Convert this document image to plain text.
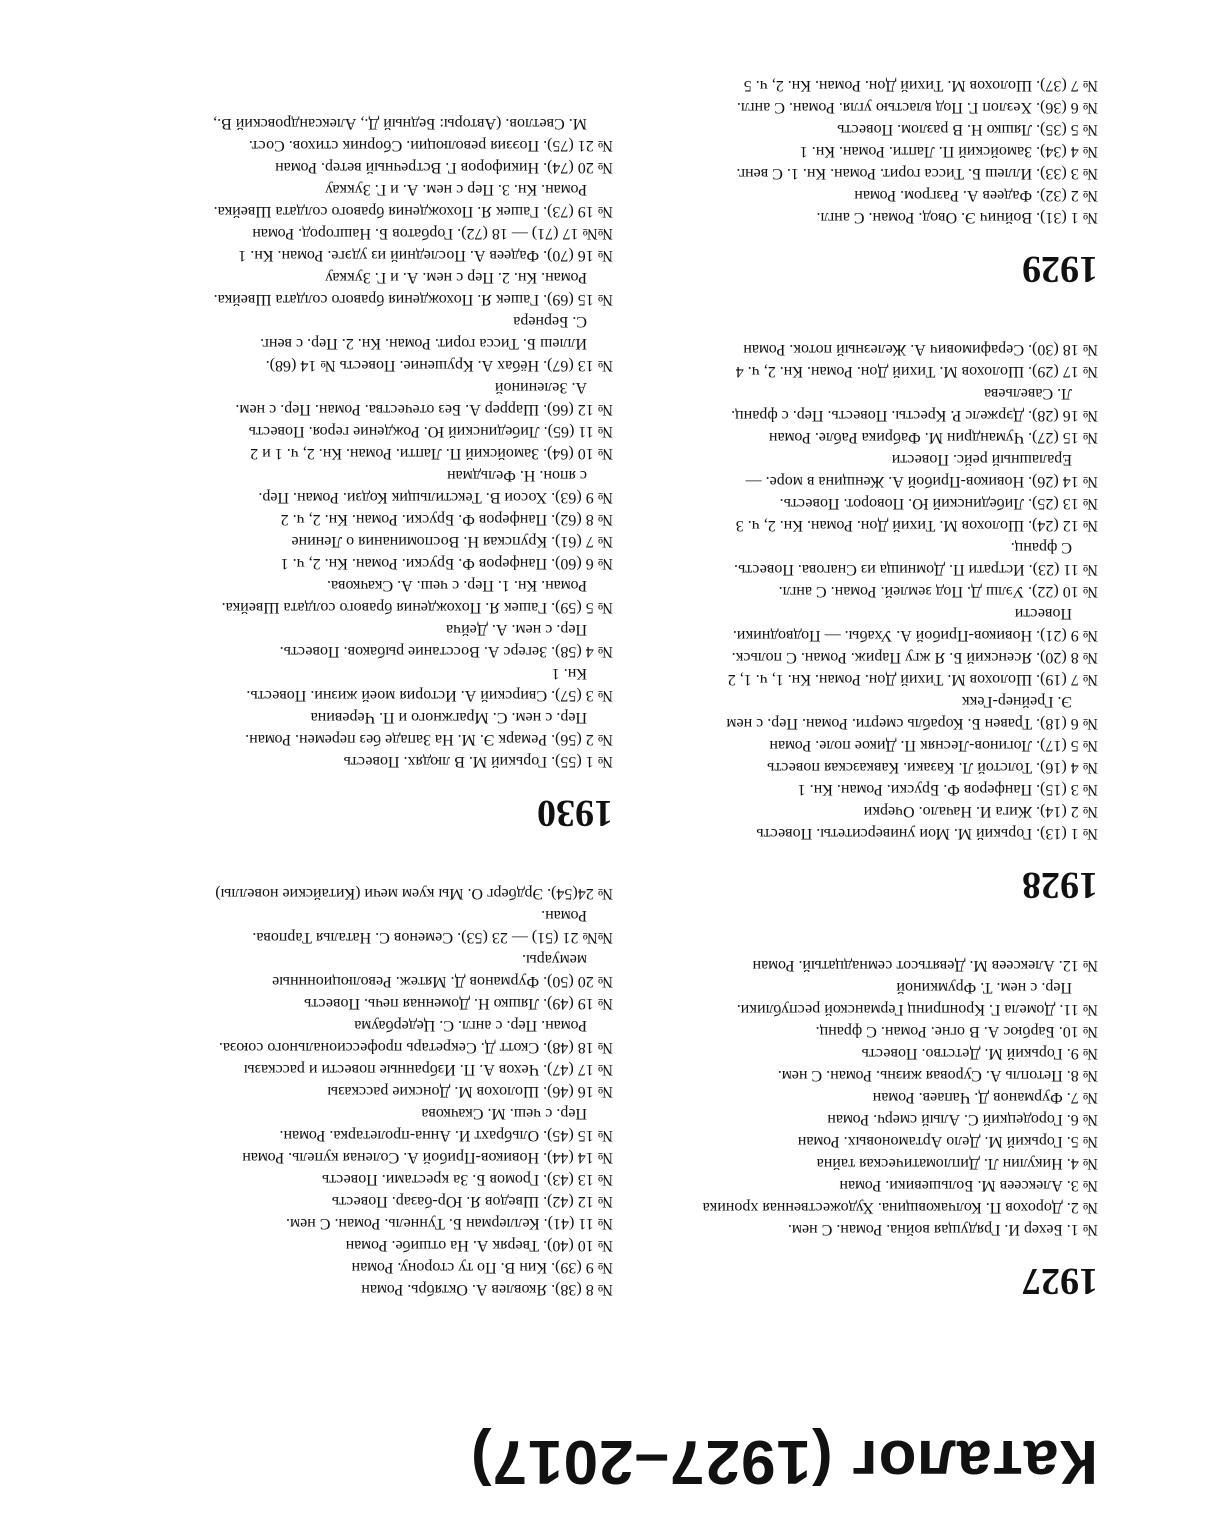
Каталог (1927–2017)
1927
№ 1. Бехер И. Грядущая война. Роман. С нем.
№ 2. Дорохов П. Колчаковщина. Художественная хроника
№ 3. Алексеев М. Большевики. Роман
№ 4. Никулин Л. Дипломатическая тайна
№ 5. Горький М. Дело Артамоновых. Роман
№ 6. Городецкий С. Алый смерч. Роман
№ 7. Фурманов Д. Чапаев. Роман
№ 8. Петопль А. Суровая жизнь. Роман. С нем.
№ 9. Горький М. Детство. Повесть
№ 10. Барбюс А. В огне. Роман. С франц.
№ 11. Домела Г. Кронпринц Германской республики.
Пер. с нем. Т. Фрумкиной
№ 12. Алексеев М. Девятьсот семнадцатый. Роман
1928
№ 1 (13). Горький М. Мои университеты. Повесть
№ 2 (14). Жига И. Начало. Очерки
№ 3 (15). Панферов Ф. Бруски. Роман. Кн. 1
№ 4 (16). Толстой Л. Казаки. Кавказская повесть
№ 5 (17). Логинов-Лесняк П. Дикое поле. Роман
№ 6 (18). Травен Б. Корабль смерти. Роман. Пер. с нем
Э. Грейнер-Гекк
№ 7 (19). Шолохов М. Тихий Дон. Роман. Кн. 1, ч. 1, 2
№ 8 (20). Ясенский Б. Я жгу Париж. Роман. С польск.
№ 9 (21). Новиков-Прибой А. Ухабы. — Подводники.
Повести
№ 10 (22). Уэлш Д. Под землей. Роман. С англ.
№ 11 (23). Истрати П. Домнища из Снагова. Повесть.
С франц.
№ 12 (24). Шолохов М. Тихий Дон. Роман. Кн. 2, ч. 3
№ 13 (25). Либединский Ю. Поворот. Повесть.
№ 14 (26). Новиков-Прибой А. Женщина в море. —
Ералашный рейс. Повести
№ 15 (27). Чумандрин М. Фабрика Рабле. Роман
№ 16 (28). Дэржелс Р. Кресты. Повесть. Пер. с франц.
Л. Савельева
№ 17 (29). Шолохов М. Тихий Дон. Роман. Кн. 2, ч. 4
№ 18 (30). Серафимович А. Железный поток. Роман
1929
№ 1 (31). Войнич Э. Овод. Роман. С англ.
№ 2 (32). Фадеев А. Разгром. Роман
№ 3 (33). Иллеш Б. Тисса горит. Роман. Кн. 1. С венг.
№ 4 (34). Замойский П. Лапти. Роман. Кн. 1
№ 5 (35). Ляшко Н. В разлом. Повесть
№ 6 (36). Хезлоп Г. Под властью угля. Роман. С англ.
№ 7 (37). Шолохов М. Тихий Дон. Роман. Кн. 2, ч. 5
№ 8 (38). Яковлев А. Октябрь. Роман
№ 9 (39). Кин В. По ту сторону. Роман
№ 10 (40). Тверяк А. На отшибе. Роман
№ 11 (41). Келлерман Б. Туннель. Роман. С нем.
№ 12 (42). Шведов Я. Юр-базар. Повесть
№ 13 (43). Громов Б. За крестами. Повесть
№ 14 (44). Новиков-Прибой А. Соленая купель. Роман
№ 15 (45). Ольбрахт И. Анна-пролетарка. Роман.
Пер. с чеш. М. Скачкова
№ 16 (46). Шолохов М. Донские рассказы
№ 17 (47). Чехов А. П. Избранные повести и рассказы
№ 18 (48). Скотт Д. Секретарь профессионального союза.
Роман. Пер. с англ. С. Цедербаума
№ 19 (49). Ляшко Н. Доменная печь. Повесть
№ 20 (50). Фурманов Д. Мятеж. Революционнные
мемуары.
№№ 21 (51) — 23 (53). Семенов С. Наталья Тарпова.
Роман.
№ 24(54). Эрдберг О. Мы куем мечи (Китайские новеллы)
1930
№ 1 (55). Горький М. В людях. Повесть
№ 2 (56). Ремарк Э. М. На Западе без перемен. Роман.
Пер. с нем. С. Мрагжного и П. Черевина
№ 3 (57). Свирский А. История моей жизни. Повесть.
Кн. 1
№ 4 (58). Зегерс А. Восстание рыбаков. Повесть.
Пер. с нем. А. Дейча
№ 5 (59). Гашек Я. Похождения бравого солдата Швейка.
Роман. Кн. 1. Пер. с чеш. А. Скачкова.
№ 6 (60). Панферов Ф. Бруски. Роман. Кн. 2, ч. 1
№ 7 (61). Крупская Н. Воспоминания о Ленине
№ 8 (62). Панферов Ф. Бруски. Роман. Кн. 2, ч. 2
№ 9 (63). Хосои В. Текстильщик Кодзи. Роман. Пер.
с япон. Н. Фельдман
№ 10 (64). Замойский П. Лапти. Роман. Кн. 2, ч. 1 и 2
№ 11 (65). Либединский Ю. Рождение героя. Повесть
№ 12 (66). Шаррер А. Без отечества. Роман. Пер. с нем.
А. Зелениной
№ 13 (67). Нёбах А. Крушение. Повесть № 14 (68).
Иллеш Б. Тисса горит. Роман. Кн. 2. Пер. с венг.
С. Бернера
№ 15 (69). Гашек Я. Похождения бравого солдата Швейка.
Роман. Кн. 2. Пер с нем. А. и Г. Зуккау
№ 16 (70). Фадеев А. Последний из удэге. Роман. Кн. 1
№№ 17 (71) — 18 (72). Горбатов Б. Нашгород. Роман
№ 19 (73). Гашек Я. Похождения бравого солдата Швейка.
Роман. Кн. 3. Пер с нем. А. и Г. Зуккау
№ 20 (74). Никифоров Г. Встречный ветер. Роман
№ 21 (75). Поэзия революции. Сборник стихов. Сост.
М. Светлов. (Авторы: Бедный Д., Александровский В.,
